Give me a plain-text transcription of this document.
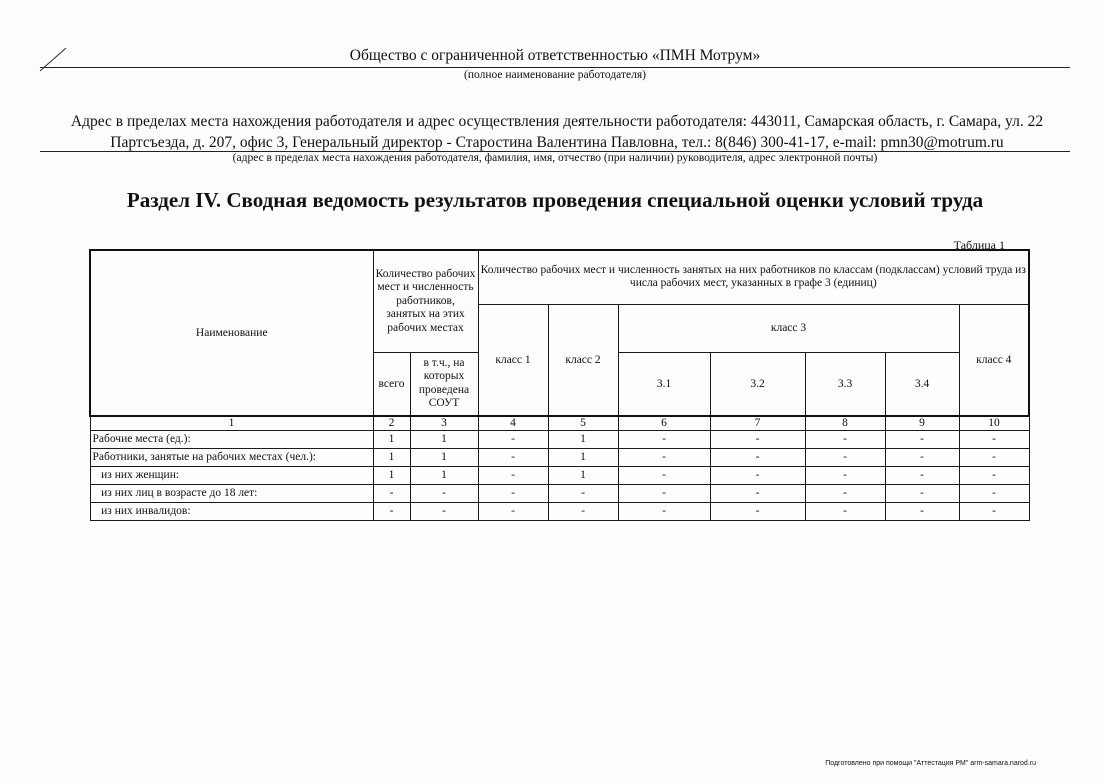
Общество с ограниченной ответственностью «ПМН Мотрум»
(полное наименование работодателя)
Адрес в пределах места нахождения работодателя и адрес осуществления деятельности работодателя: 443011, Самарская область, г. Самара, ул. 22
Партсъезда, д. 207, офис 3, Генеральный директор - Старостина Валентина Павловна, тел.: 8(846) 300-41-17, e-mail: pmn30@motrum.ru
(адрес в пределах места нахождения работодателя, фамилия, имя, отчество (при наличии) руководителя, адрес электронной почты)
Раздел IV. Сводная ведомость результатов проведения специальной оценки условий труда
Таблица 1
Наименование	Количество рабочих мест и численность работников, занятых на этих рабочих местах		Количество рабочих мест и численность занятых на них работников по классам (подклассам) условий труда из числа рабочих мест, указанных в графе 3 (единиц)						
			класс 1	класс 2	класс 3				класс 4
	всего	в т.ч., на которых проведена СОУТ			3.1	3.2	3.3	3.4	
1	2	3	4	5	6	7	8	9	10
Рабочие места (ед.):	1	1	-	1	-	-	-	-	-
Работники, занятые на рабочих местах (чел.):	1	1	-	1	-	-	-	-	-
из них женщин:	1	1	-	1	-	-	-	-	-
из них лиц в возрасте до 18 лет:	-	-	-	-	-	-	-	-	-
из них инвалидов:	-	-	-	-	-	-	-	-	-
Подготовлено при помощи "Аттестация РМ" arm-samara.narod.ru
